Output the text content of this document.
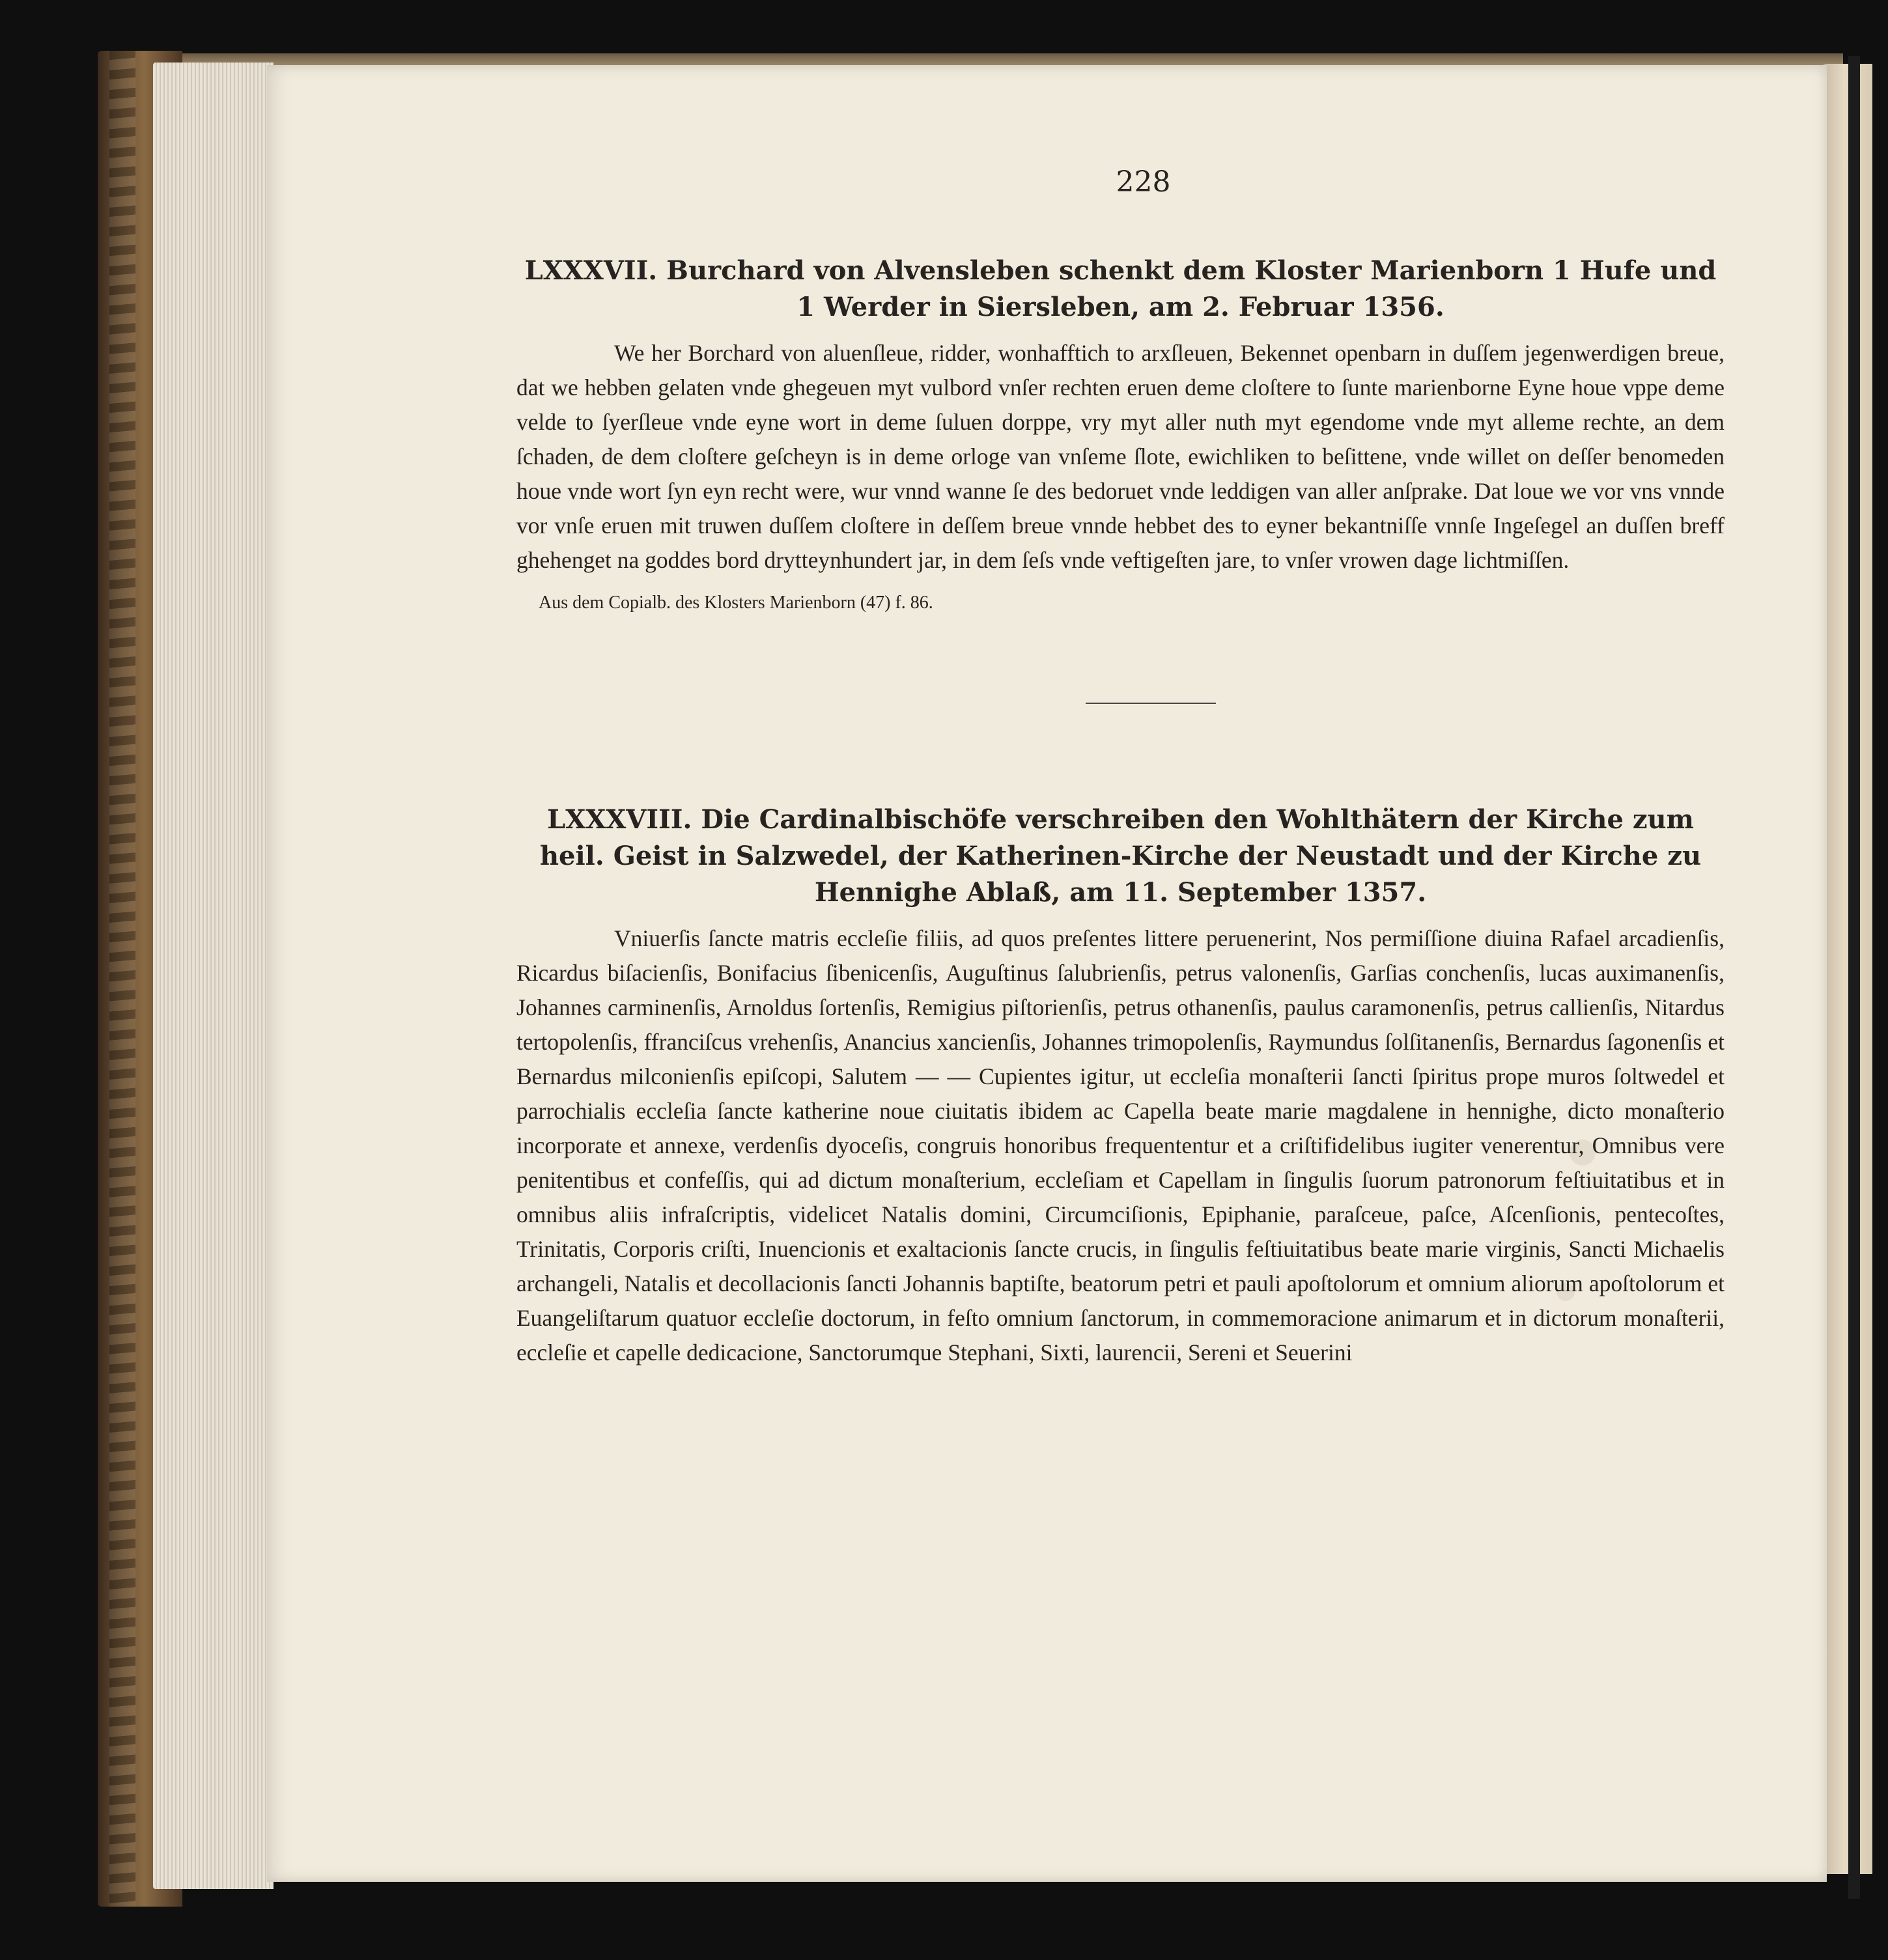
228

LXXXVII. Burchard von Alvensleben schenkt dem Kloster Marienborn 1 Hufe und 1 Werder in Siersleben, am 2. Februar 1356.

We her Borchard von aluenſleue, ridder, wonhafftich to arxſleuen, Bekennet openbarn in duſſem jegenwerdigen breue, dat we hebben gelaten vnde ghegeuen myt vulbord vnſer rechten eruen deme cloſtere to ſunte marienborne Eyne houe vppe deme velde to ſyerſleue vnde eyne wort in deme ſuluen dorppe, vry myt aller nuth myt egendome vnde myt alleme rechte, an dem ſchaden, de dem cloſtere geſcheyn is in deme orloge van vnſeme ſlote, ewichliken to beſittene, vnde willet on deſſer benomeden houe vnde wort ſyn eyn recht were, wur vnnd wanne ſe des bedoruet vnde leddigen van aller anſprake. Dat loue we vor vns vnnde vor vnſe eruen mit truwen duſſem cloſtere in deſſem breue vnnde hebbet des to eyner bekantniſſe vnnſe Ingeſegel an duſſen breff ghehenget na goddes bord drytteynhundert jar, in dem ſeſs vnde veftigeſten jare, to vnſer vrowen dage lichtmiſſen.

Aus dem Copialb. des Klosters Marienborn (47) f. 86.

LXXXVIII. Die Cardinalbischöfe verschreiben den Wohlthätern der Kirche zum heil. Geist in Salzwedel, der Katherinen-Kirche der Neustadt und der Kirche zu Hennighe Ablaß, am 11. September 1357.

Vniuerſis ſancte matris eccleſie filiis, ad quos preſentes littere peruenerint, Nos permiſſione diuina Rafael arcadienſis, Ricardus biſacienſis, Bonifacius ſibenicenſis, Auguſtinus ſalubrienſis, petrus valonenſis, Garſias conchenſis, lucas auximanenſis, Johannes carminenſis, Arnoldus ſortenſis, Remigius piſtorienſis, petrus othanenſis, paulus caramonenſis, petrus callienſis, Nitardus tertopolenſis, ffranciſcus vrehenſis, Anancius xancienſis, Johannes trimopolenſis, Raymundus ſolſitanenſis, Bernardus ſagonenſis et Bernardus milconienſis epiſcopi, Salutem — — Cupientes igitur, ut eccleſia monaſterii ſancti ſpiritus prope muros ſoltwedel et parrochialis eccleſia ſancte katherine noue ciuitatis ibidem ac Capella beate marie magdalene in hennighe, dicto monaſterio incorporate et annexe, verdenſis dyoceſis, congruis honoribus frequententur et a criſtifidelibus iugiter venerentur, Omnibus vere penitentibus et confeſſis, qui ad dictum monaſterium, eccleſiam et Capellam in ſingulis ſuorum patronorum feſtiuitatibus et in omnibus aliis infraſcriptis, videlicet Natalis domini, Circumciſionis, Epiphanie, paraſceue, paſce, Aſcenſionis, pentecoſtes, Trinitatis, Corporis criſti, Inuencionis et exaltacionis ſancte crucis, in ſingulis feſtiuitatibus beate marie virginis, Sancti Michaelis archangeli, Natalis et decollacionis ſancti Johannis baptiſte, beatorum petri et pauli apoſtolorum et omnium aliorum apoſtolorum et Euangeliſtarum quatuor eccleſie doctorum, in feſto omnium ſanctorum, in commemoracione animarum et in dictorum monaſterii, eccleſie et capelle dedicacione, Sanctorumque Stephani, Sixti, laurencii, Sereni et Seuerini
